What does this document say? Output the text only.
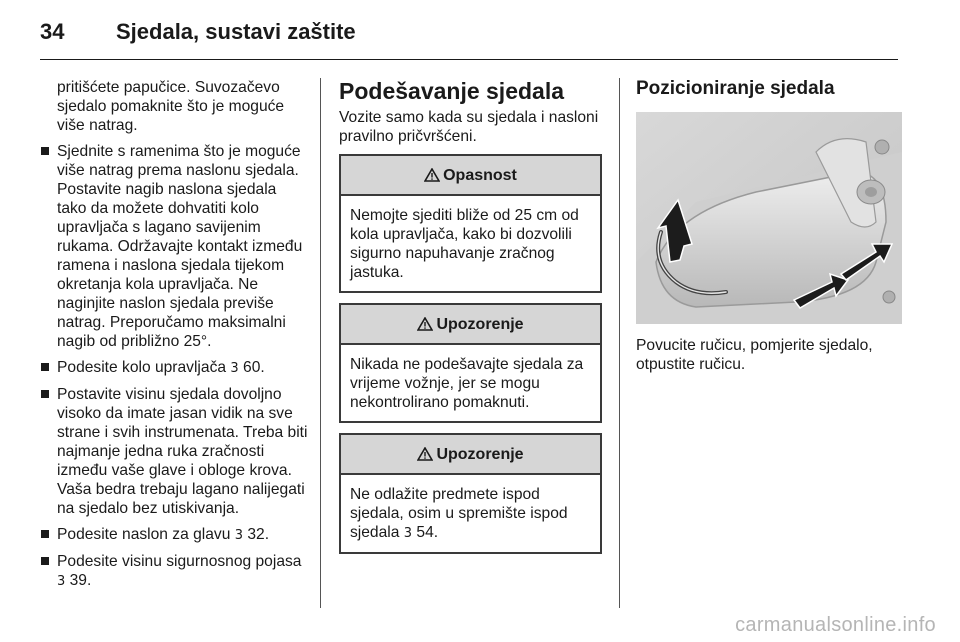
34 Sjedala, sustavi zaštite

pritišćete papučice. Suvozačevo sjedalo pomaknite što je moguće više natrag.

Sjednite s ramenima što je moguće više natrag prema naslonu sjedala. Postavite nagib naslona sjedala tako da možete dohvatiti kolo upravljača s lagano savijenim rukama. Održavajte kontakt između ramena i naslona sjedala tijekom okretanja kola upravljača. Ne naginjite naslon sjedala previše natrag. Preporučamo maksimalni nagib od približno 25°.
Podesite kolo upravljača 3 60.
Postavite visinu sjedala dovoljno visoko da imate jasan vidik na sve strane i svih instrumenata. Treba biti najmanje jedna ruka zračnosti između vaše glave i obloge krova. Vaša bedra trebaju lagano nalijegati na sjedalo bez utiskivanja.
Podesite naslon za glavu 3 32.
Podesite visinu sigurnosnog pojasa 3 39.
Podešavanje sjedala

Vozite samo kada su sjedala i nasloni pravilno pričvršćeni.

Opasnost
Nemojte sjediti bliže od 25 cm od kola upravljača, kako bi dozvolili sigurno napuhavanje zračnog jastuka.
Upozorenje
Nikada ne podešavajte sjedala za vrijeme vožnje, jer se mogu nekontrolirano pomaknuti.
Upozorenje
Ne odlažite predmete ispod sjedala, osim u spremište ispod sjedala 3 54.
Pozicioniranje sjedala

Povucite ručicu, pomjerite sjedalo, otpustite ručicu.

carmanualsonline.info
